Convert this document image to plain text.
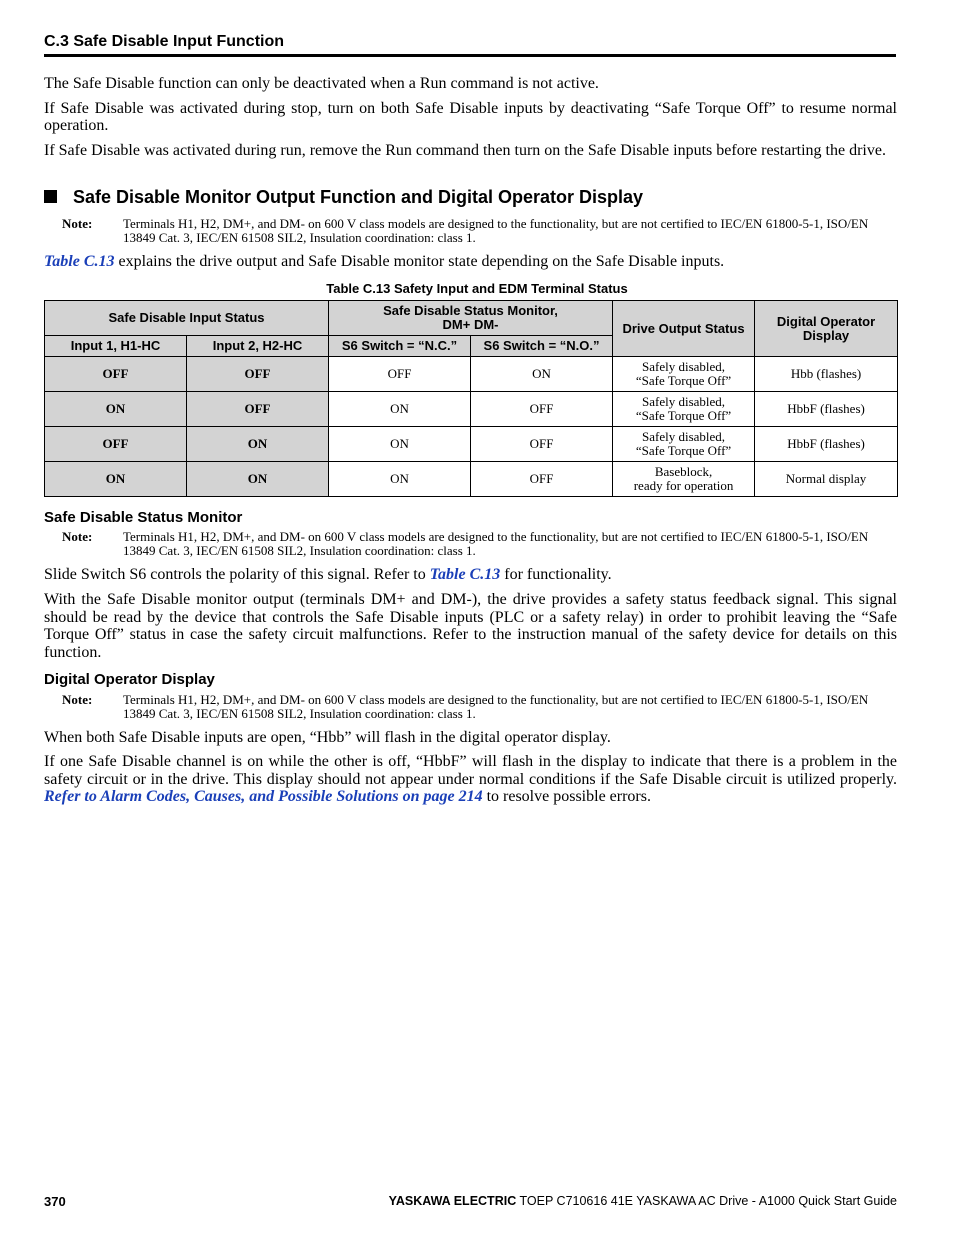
C.3 Safe Disable Input Function

The Safe Disable function can only be deactivated when a Run command is not active.

If Safe Disable was activated during stop, turn on both Safe Disable inputs by deactivating “Safe Torque Off” to resume normal operation.

If Safe Disable was activated during run, remove the Run command then turn on the Safe Disable inputs before restarting the drive.

Safe Disable Monitor Output Function and Digital Operator Display
Note: Terminals H1, H2, DM+, and DM- on 600 V class models are designed to the functionality, but are not certified to IEC/EN 61800-5-1, ISO/EN 13849 Cat. 3, IEC/EN 61508 SIL2, Insulation coordination: class 1.
Table C.13 explains the drive output and Safe Disable monitor state depending on the Safe Disable inputs.
Table C.13 Safety Input and EDM Terminal Status
Safe Disable Input Status		Safe Disable Status Monitor,
DM+ DM-		Drive Output Status	Digital Operator Display
Input 1, H1-HC	Input 2, H2-HC	S6 Switch = “N.C.”	S6 Switch = “N.O.”		
OFF	OFF	OFF	ON	Safely disabled,
“Safe Torque Off”	Hbb (flashes)
ON	OFF	ON	OFF	Safely disabled,
“Safe Torque Off”	HbbF (flashes)
OFF	ON	ON	OFF	Safely disabled,
“Safe Torque Off”	HbbF (flashes)
ON	ON	ON	OFF	Baseblock,
ready for operation	Normal display
Safe Disable Status Monitor
Note: Terminals H1, H2, DM+, and DM- on 600 V class models are designed to the functionality, but are not certified to IEC/EN 61800-5-1, ISO/EN 13849 Cat. 3, IEC/EN 61508 SIL2, Insulation coordination: class 1.
Slide Switch S6 controls the polarity of this signal. Refer to Table C.13 for functionality.
With the Safe Disable monitor output (terminals DM+ and DM-), the drive provides a safety status feedback signal. This signal should be read by the device that controls the Safe Disable inputs (PLC or a safety relay) in order to prohibit leaving the “Safe Torque Off” status in case the safety circuit malfunctions. Refer to the instruction manual of the safety device for details on this function.
Digital Operator Display
Note: Terminals H1, H2, DM+, and DM- on 600 V class models are designed to the functionality, but are not certified to IEC/EN 61800-5-1, ISO/EN 13849 Cat. 3, IEC/EN 61508 SIL2, Insulation coordination: class 1.
When both Safe Disable inputs are open, “Hbb” will flash in the digital operator display.
If one Safe Disable channel is on while the other is off, “HbbF” will flash in the display to indicate that there is a problem in the safety circuit or in the drive. This display should not appear under normal conditions if the Safe Disable circuit is utilized properly. Refer to Alarm Codes, Causes, and Possible Solutions on page 214 to resolve possible errors.
370	YASKAWA ELECTRIC TOEP C710616 41E YASKAWA AC Drive - A1000 Quick Start Guide
